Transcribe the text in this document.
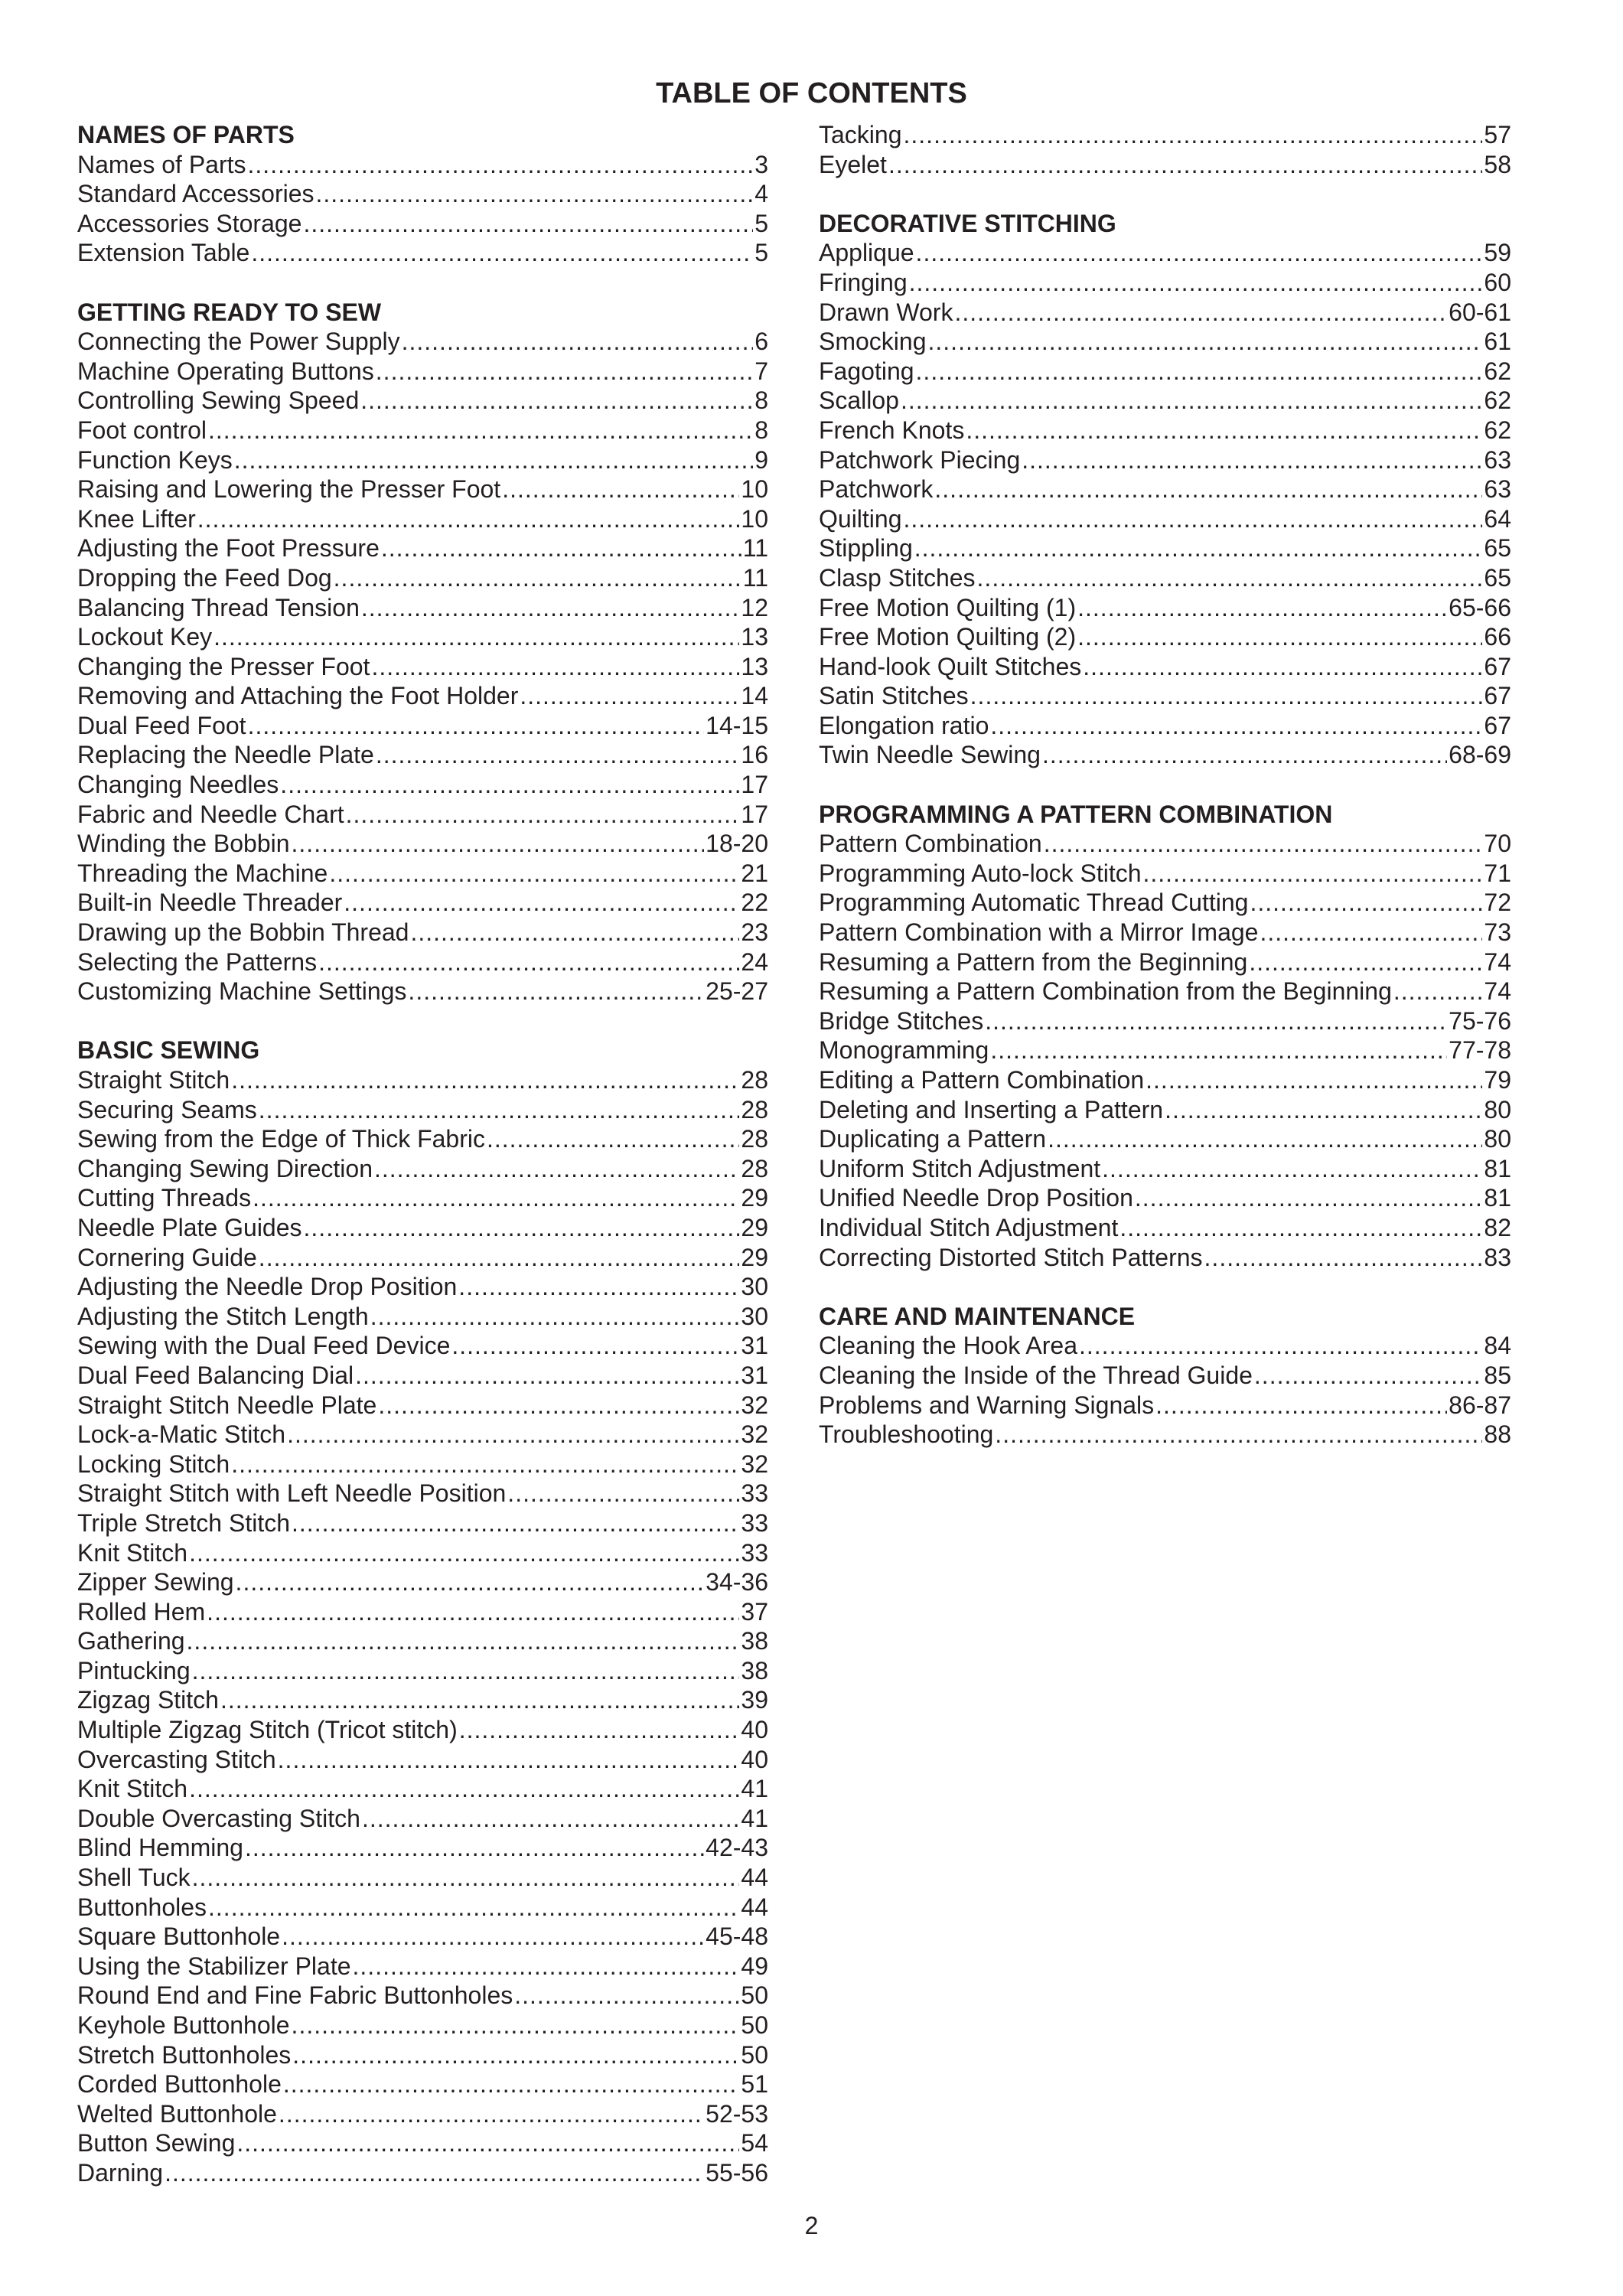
TABLE OF CONTENTS
NAMES OF PARTS
Names of Parts .....	3
Standard Accessories .....	4
Accessories Storage .....	5
Extension Table .....	5
GETTING READY TO SEW
Connecting the Power Supply .....	6
Machine Operating Buttons .....	7
Controlling Sewing Speed .....	8
Foot control .....	8
Function Keys .....	9
Raising and Lowering the Presser Foot .....	10
Knee Lifter .....	10
Adjusting the Foot Pressure .....	11
Dropping the Feed Dog .....	11
Balancing Thread Tension .....	12
Lockout Key .....	13
Changing the Presser Foot .....	13
Removing and Attaching the Foot Holder .....	14
Dual Feed Foot .....	14-15
Replacing the Needle Plate .....	16
Changing Needles .....	17
Fabric and Needle Chart .....	17
Winding the Bobbin .....	18-20
Threading the Machine .....	21
Built-in Needle Threader .....	22
Drawing up the Bobbin Thread .....	23
Selecting the Patterns .....	24
Customizing Machine Settings .....	25-27
BASIC SEWING
Straight Stitch .....	28
Securing Seams .....	28
Sewing from the Edge of Thick Fabric .....	28
Changing Sewing Direction .....	28
Cutting Threads .....	29
Needle Plate Guides .....	29
Cornering Guide .....	29
Adjusting the Needle Drop Position .....	30
Adjusting the Stitch Length .....	30
Sewing with the Dual Feed Device .....	31
Dual Feed Balancing Dial .....	31
Straight Stitch Needle Plate .....	32
Lock-a-Matic Stitch .....	32
Locking Stitch .....	32
Straight Stitch with Left Needle Position .....	33
Triple Stretch Stitch .....	33
Knit Stitch .....	33
Zipper Sewing .....	34-36
Rolled Hem .....	37
Gathering .....	38
Pintucking .....	38
Zigzag Stitch .....	39
Multiple Zigzag Stitch (Tricot stitch) .....	40
Overcasting Stitch .....	40
Knit Stitch .....	41
Double Overcasting Stitch .....	41
Blind Hemming .....	42-43
Shell Tuck .....	44
Buttonholes .....	44
Square Buttonhole .....	45-48
Using the Stabilizer Plate .....	49
Round End and Fine Fabric Buttonholes .....	50
Keyhole Buttonhole .....	50
Stretch Buttonholes .....	50
Corded Buttonhole .....	51
Welted Buttonhole .....	52-53
Button Sewing .....	54
Darning .....	55-56
Tacking .....	57
Eyelet .....	58
DECORATIVE STITCHING
Applique .....	59
Fringing .....	60
Drawn Work .....	60-61
Smocking .....	61
Fagoting .....	62
Scallop .....	62
French Knots .....	62
Patchwork Piecing .....	63
Patchwork .....	63
Quilting .....	64
Stippling .....	65
Clasp Stitches .....	65
Free Motion Quilting (1) .....	65-66
Free Motion Quilting (2) .....	66
Hand-look Quilt Stitches .....	67
Satin Stitches .....	67
Elongation ratio .....	67
Twin Needle Sewing .....	68-69
PROGRAMMING A PATTERN COMBINATION
Pattern Combination .....	70
Programming Auto-lock Stitch .....	71
Programming Automatic Thread Cutting .....	72
Pattern Combination with a Mirror Image .....	73
Resuming a Pattern from the Beginning .....	74
Resuming a Pattern Combination from the Beginning .....	74
Bridge Stitches .....	75-76
Monogramming .....	77-78
Editing a Pattern Combination .....	79
Deleting and Inserting a Pattern .....	80
Duplicating a Pattern .....	80
Uniform Stitch Adjustment .....	81
Unified Needle Drop Position .....	81
Individual Stitch Adjustment .....	82
Correcting Distorted Stitch Patterns .....	83
CARE AND MAINTENANCE
Cleaning the Hook Area .....	84
Cleaning the Inside of the Thread Guide .....	85
Problems and Warning Signals .....	86-87
Troubleshooting .....	88
2
